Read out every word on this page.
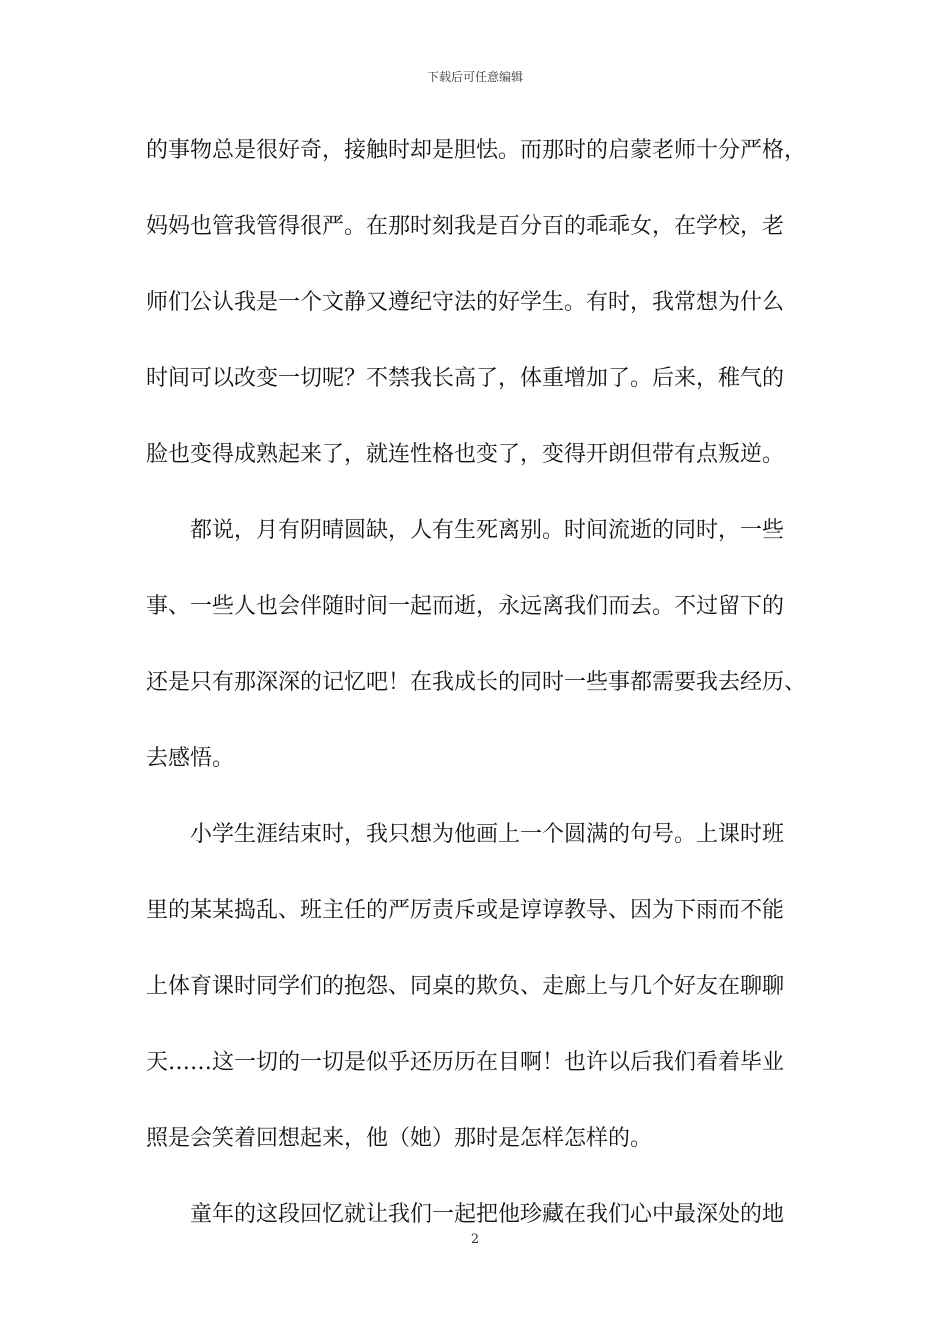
下载后可任意编辑
的事物总是很好奇，接触时却是胆怯。而那时的启蒙老师十分严格，
妈妈也管我管得很严。在那时刻我是百分百的乖乖女，在学校，老
师们公认我是一个文静又遵纪守法的好学生。有时，我常想为什么
时间可以改变一切呢？不禁我长高了，体重增加了。后来，稚气的
脸也变得成熟起来了，就连性格也变了，变得开朗但带有点叛逆。
都说，月有阴晴圆缺，人有生死离别。时间流逝的同时，一些
事、一些人也会伴随时间一起而逝，永远离我们而去。不过留下的
还是只有那深深的记忆吧！在我成长的同时一些事都需要我去经历、
去感悟。
小学生涯结束时，我只想为他画上一个圆满的句号。上课时班
里的某某捣乱、班主任的严厉责斥或是谆谆教导、因为下雨而不能
上体育课时同学们的抱怨、同桌的欺负、走廊上与几个好友在聊聊
天……这一切的一切是似乎还历历在目啊！也许以后我们看着毕业
照是会笑着回想起来，他（她）那时是怎样怎样的。
童年的这段回忆就让我们一起把他珍藏在我们心中最深处的地
2
